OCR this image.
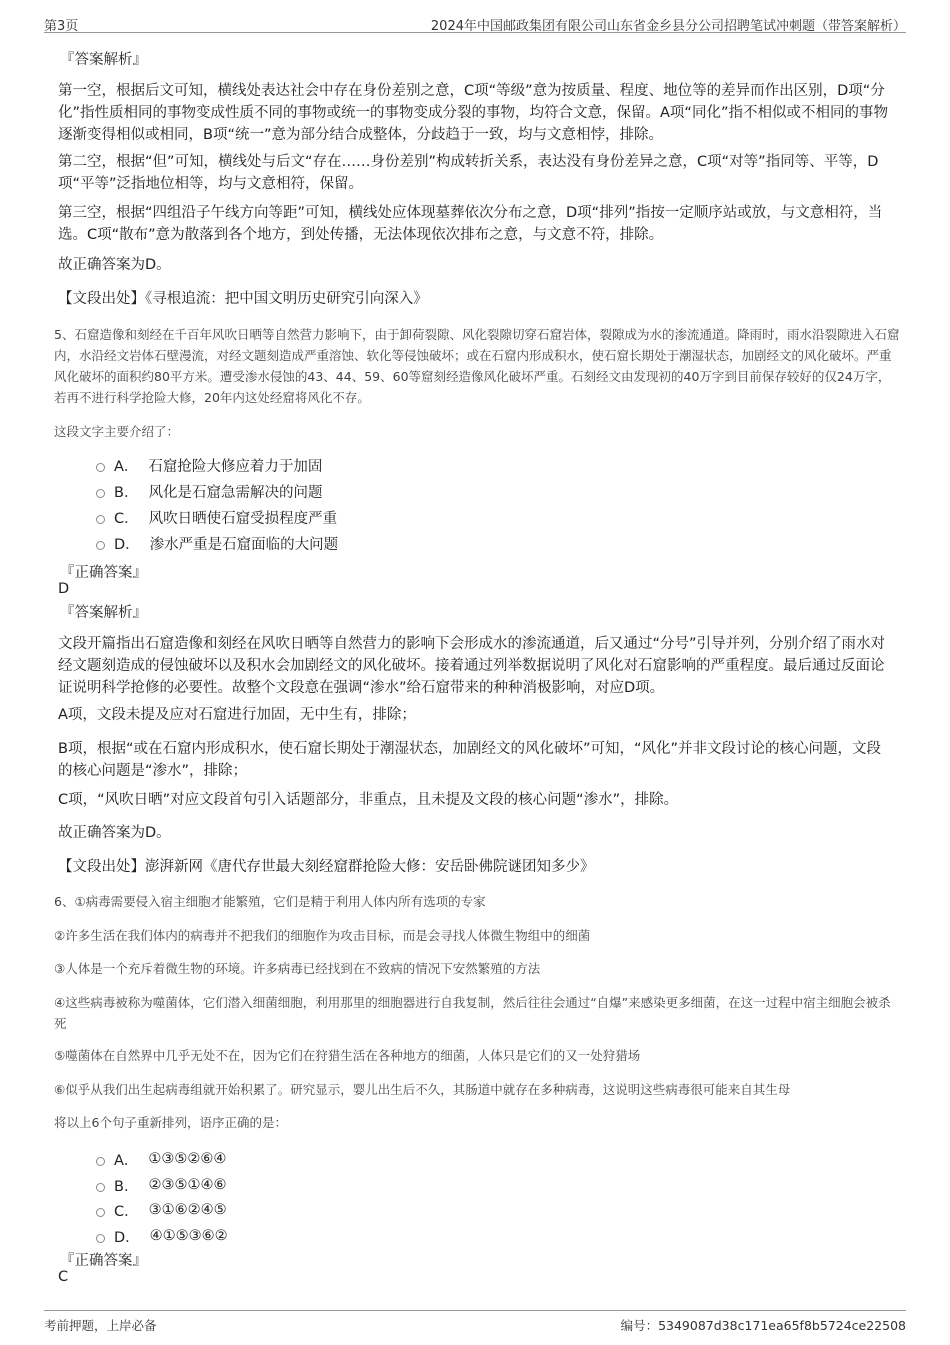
第3页	2024年中国邮政集团有限公司山东省金乡县分公司招聘笔试冲刺题（带答案解析）
『答案解析』
第一空，根据后文可知，横线处表达社会中存在身份差别之意，C项“等级”意为按质量、程度、地位等的差异而作出区别，D项“分化”指性质相同的事物变成性质不同的事物或统一的事物变成分裂的事物，均符合文意，保留。A项“同化”指不相似或不相同的事物逐渐变得相似或相同，B项“统一”意为部分结合成整体，分歧趋于一致，均与文意相悖，排除。
第二空，根据“但”可知，横线处与后文“存在……身份差别”构成转折关系，表达没有身份差异之意，C项“对等”指同等、平等，D项“平等”泛指地位相等，均与文意相符，保留。
第三空，根据“四组沿子午线方向等距”可知，横线处应体现墓葬依次分布之意，D项“排列”指按一定顺序站或放，与文意相符，当选。C项“散布”意为散落到各个地方，到处传播，无法体现依次排布之意，与文意不符，排除。
故正确答案为D。
【文段出处】《寻根追流：把中国文明历史研究引向深入》
5、石窟造像和刻经在千百年风吹日晒等自然营力影响下，由于卸荷裂隙、风化裂隙切穿石窟岩体，裂隙成为水的渗流通道。降雨时，雨水沿裂隙进入石窟内，水沿经文岩体石壁漫流，对经文题刻造成严重溶蚀、软化等侵蚀破坏；或在石窟内形成积水，使石窟长期处于潮湿状态，加剧经文的风化破坏。严重风化破坏的面积约80平方米。遭受渗水侵蚀的43、44、59、60等窟刻经造像风化破坏严重。石刻经文由发现初的40万字到目前保存较好的仅24万字，若再不进行科学抢险大修，20年内这处经窟将风化不存。
这段文字主要介绍了：
A． 石窟抢险大修应着力于加固
B． 风化是石窟急需解决的问题
C． 风吹日晒使石窟受损程度严重
D． 渗水严重是石窟面临的大问题
『正确答案』
D
『答案解析』
文段开篇指出石窟造像和刻经在风吹日晒等自然营力的影响下会形成水的渗流通道，后又通过“分号”引导并列，分别介绍了雨水对经文题刻造成的侵蚀破坏以及积水会加剧经文的风化破坏。接着通过列举数据说明了风化对石窟影响的严重程度。最后通过反面论证说明科学抢修的必要性。故整个文段意在强调“渗水”给石窟带来的种种消极影响，对应D项。
A项，文段未提及应对石窟进行加固，无中生有，排除；
B项，根据“或在石窟内形成积水，使石窟长期处于潮湿状态，加剧经文的风化破坏”可知，“风化”并非文段讨论的核心问题，文段的核心问题是“渗水”，排除；
C项，“风吹日晒”对应文段首句引入话题部分，非重点，且未提及文段的核心问题“渗水”，排除。
故正确答案为D。
【文段出处】澎湃新网《唐代存世最大刻经窟群抢险大修：安岳卧佛院谜团知多少》
6、①病毒需要侵入宿主细胞才能繁殖，它们是精于利用人体内所有选项的专家
②许多生活在我们体内的病毒并不把我们的细胞作为攻击目标，而是会寻找人体微生物组中的细菌
③人体是一个充斥着微生物的环境。许多病毒已经找到在不致病的情况下安然繁殖的方法
④这些病毒被称为噬菌体，它们潜入细菌细胞，利用那里的细胞器进行自我复制，然后往往会通过“自爆”来感染更多细菌，在这一过程中宿主细胞会被杀死
⑤噬菌体在自然界中几乎无处不在，因为它们在狩猎生活在各种地方的细菌，人体只是它们的又一处狩猎场
⑥似乎从我们出生起病毒组就开始积累了。研究显示，婴儿出生后不久，其肠道中就存在多种病毒，这说明这些病毒很可能来自其生母
将以上6个句子重新排列，语序正确的是：
A． ①③⑤②⑥④
B． ②③⑤①④⑥
C． ③①⑥②④⑤
D． ④①⑤③⑥②
『正确答案』
C
考前押题，上岸必备	编号：5349087d38c171ea65f8b5724ce22508
